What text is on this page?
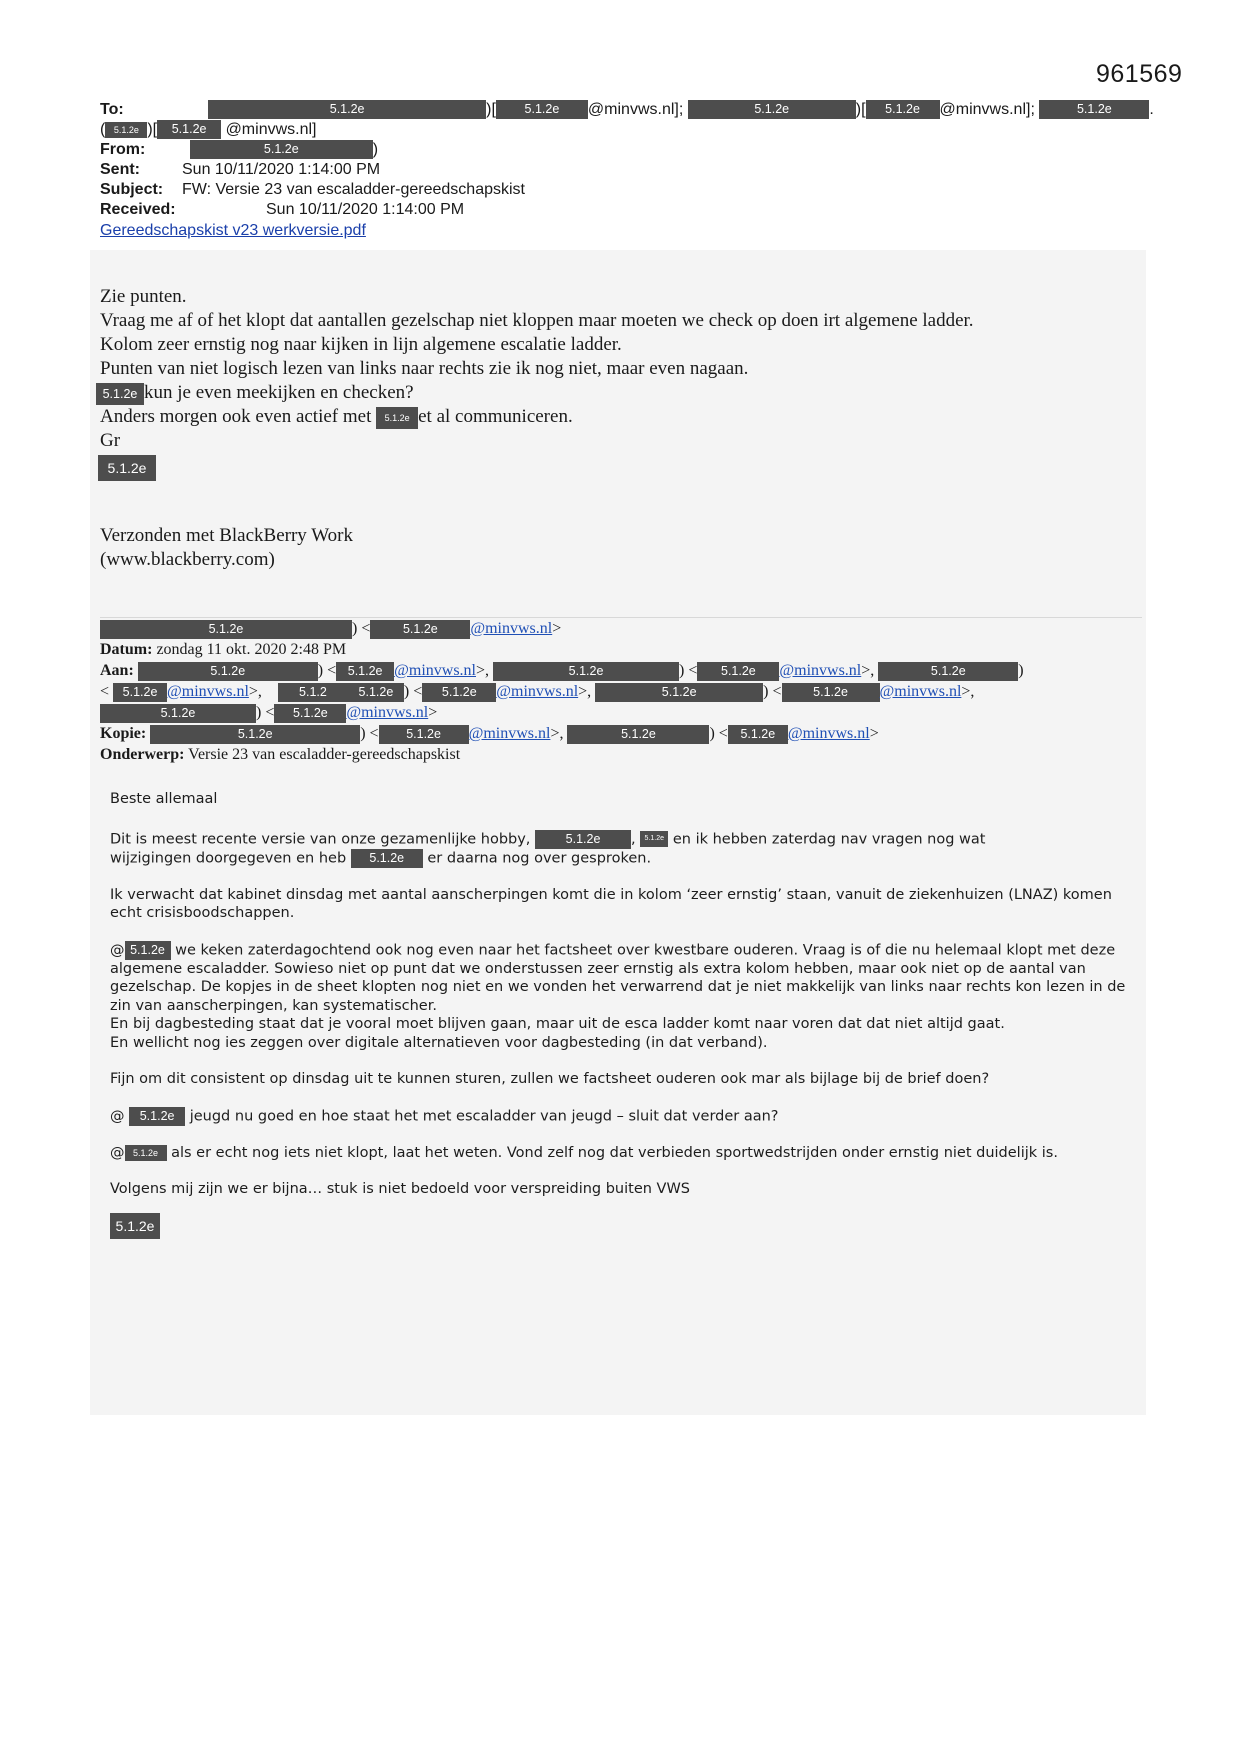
961569
To:	5.1.2e	)[ 5.1.2e @minvws.nl];	5.1.2e	)[ 5.1.2e @minvws.nl];	5.1.2e .
( 5.1.2e )[ 5.1.2e @minvws.nl]
From:	5.1.2e	)
Sent:	Sun 10/11/2020 1:14:00 PM
Subject: FW: Versie 23 van escaladder-gereedschapskist
Received:	Sun 10/11/2020 1:14:00 PM
Gereedschapskist v23 werkversie.pdf
Zie punten.
Vraag me af of het klopt dat aantallen gezelschap niet kloppen maar moeten we check op doen irt algemene ladder.
Kolom zeer ernstig nog naar kijken in lijn algemene escalatie ladder.
Punten van niet logisch lezen van links naar rechts zie ik nog niet, maar even nagaan.
5.1.2e kun je even meekijken en checken?
Anders morgen ook even actief met 5.1.2e et al communiceren.
Gr
5.1.2e
Verzonden met BlackBerry Work
(www.blackberry.com)
5.1.2e	) <	5.1.2e @minvws.nl>
Datum: zondag 11 okt. 2020 2:48 PM
Aan:	5.1.2e	) < 5.1.2e @minvws.nl>,	5.1.2e	) < 5.1.2e @minvws.nl>,	5.1.2e	)
< 5.1.2e @minvws.nl>,	5.1.2	5.1.2e ) < 5.1.2e @minvws.nl>,	5.1.2e	) <	5.1.2e @minvws.nl>,
5.1.2e	) < 5.1.2e @minvws.nl>
Kopie:	5.1.2e	) < 5.1.2e @minvws.nl>,	5.1.2e	) < 5.1.2e @minvws.nl>
Onderwerp: Versie 23 van escaladder-gereedschapskist

Beste allemaal

Dit is meest recente versie van onze gezamenlijke hobby,	5.1.2e , 5.1.2e en ik hebben zaterdag nav vragen nog wat
wijzigingen doorgegeven en heb 5.1.2e er daarna nog over gesproken.

Ik verwacht dat kabinet dinsdag met aantal aanscherpingen komt die in kolom ‘zeer ernstig’ staan, vanuit de ziekenhuizen (LNAZ) komen echt crisisboodschappen.

@ 5.1.2e we keken zaterdagochtend ook nog even naar het factsheet over kwestbare ouderen. Vraag is of die nu helemaal klopt met deze algemene escaladder. Sowieso niet op punt dat we onderstussen zeer ernstig als extra kolom hebben, maar ook niet op de aantal van gezelschap. De kopjes in de sheet klopten nog niet en we vonden het verwarrend dat je niet makkelijk van links naar rechts kon lezen in de zin van aanscherpingen, kan systematischer.
En bij dagbesteding staat dat je vooral moet blijven gaan, maar uit de esca ladder komt naar voren dat dat niet altijd gaat.
En wellicht nog ies zeggen over digitale alternatieven voor dagbesteding (in dat verband).

Fijn om dit consistent op dinsdag uit te kunnen sturen, zullen we factsheet ouderen ook mar als bijlage bij de brief doen?

@ 5.1.2e jeugd nu goed en hoe staat het met escaladder van jeugd – sluit dat verder aan?

@ 5.1.2e als er echt nog iets niet klopt, laat het weten. Vond zelf nog dat verbieden sportwedstrijden onder ernstig niet duidelijk is.

Volgens mij zijn we er bijna… stuk is niet bedoeld voor verspreiding buiten VWS

5.1.2e
